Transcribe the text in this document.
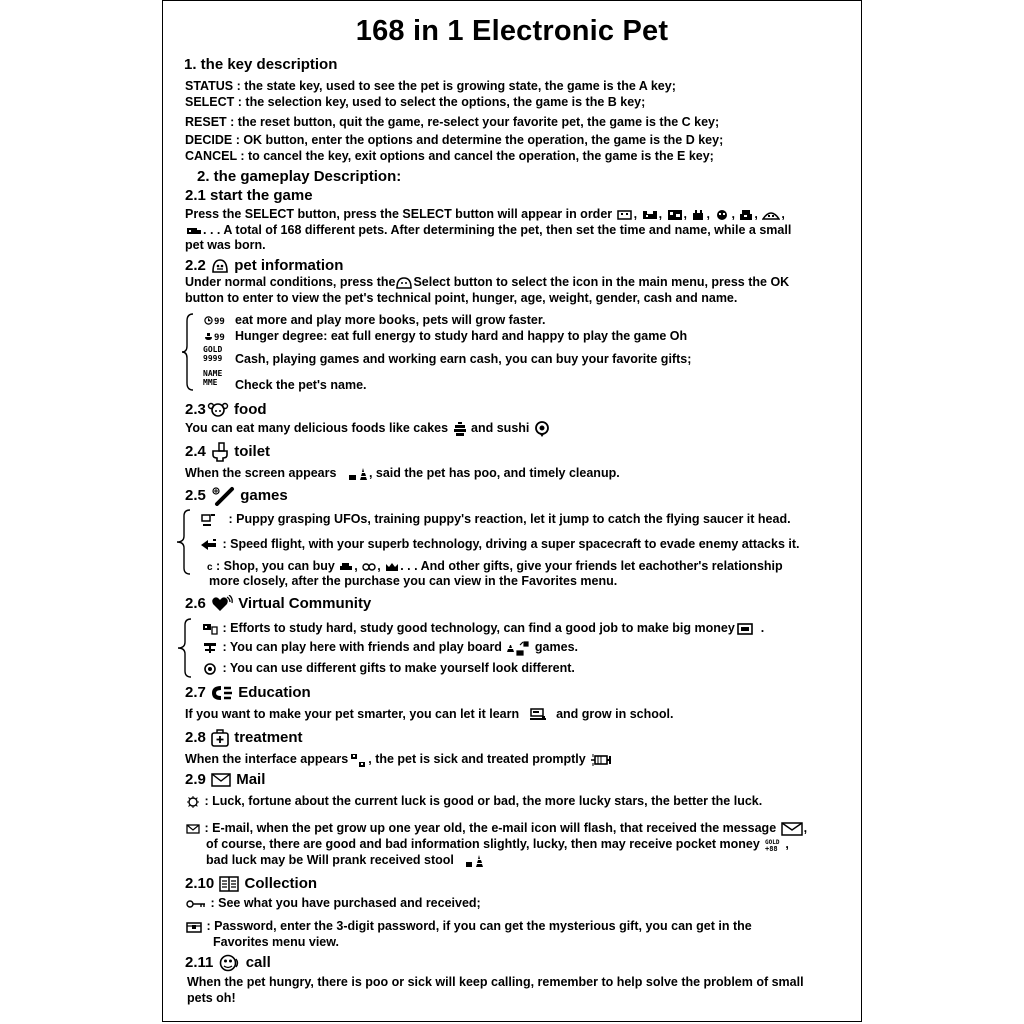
168 in 1 Electronic Pet
1. the key description
STATUS : the state key, used to see the pet is growing state, the game is the A key;
SELECT : the selection key, used to select the options, the game is the B key;
RESET : the reset button, quit the game, re-select your favorite pet, the game is the C key;
DECIDE : OK button, enter the options and determine the operation, the game is the D key;
CANCEL : to cancel the key, exit options and cancel the operation, the game is the E key;
2. the gameplay Description:
2.1 start the game
Press the SELECT button, press the SELECT button will appear in order ,
,
,
,
,
,
,
. . . A total of 168 different pets. After determining the pet, then set the time and name, while a small
pet was born.
2.2 pet information
Under normal conditions, press the Select button to select the icon in the main menu, press the OK
button to enter to view the pet's technical point, hunger, age, weight, gender, cash and name.
99 eat more and play more books, pets will grow faster.
99 Hunger degree: eat full energy to study hard and happy to play the game Oh
GOLD
9999 Cash, playing games and working earn cash, you can buy your favorite gifts;
NAME
MME	Check the pet's name.
2.3 food
You can eat many delicious foods like cakes and sushi
2.4 toilet
When the screen appears	, said the pet has poo, and timely cleanup.
2.5 games
: Puppy grasping UFOs, training puppy's reaction, let it jump to catch the flying saucer it head.
: Speed flight, with your superb technology, driving a super spacecraft to evade enemy attacks it.
c : Shop, you can buy ,
,
. . . And other gifts, give your friends let eachother's relationship
more closely, after the purchase you can view in the Favorites menu.
2.6 Virtual Community
: Efforts to study hard, study good technology, can find a good job to make big money .
: You can play here with friends and play board	games.
: You can use different gifts to make yourself look different.
2.7 Education
If you want to make your pet smarter, you can let it learn	and grow in school.
2.8 treatment
When the interface appears , the pet is sick and treated promptly
2.9 Mail
: Luck, fortune about the current luck is good or bad, the more lucky stars, the better the luck.
: E-mail, when the pet grow up one year old, the e-mail icon will flash, that received the message ,
of course, there are good and bad information slightly, lucky, then may receive pocket money GOLD
+88 ,
bad luck may be Will prank received stool
2.10 Collection
: See what you have purchased and received;
: Password, enter the 3-digit password, if you can get the mysterious gift, you can get in the
Favorites menu view.
2.11 call
When the pet hungry, there is poo or sick will keep calling, remember to help solve the problem of small
pets oh!
